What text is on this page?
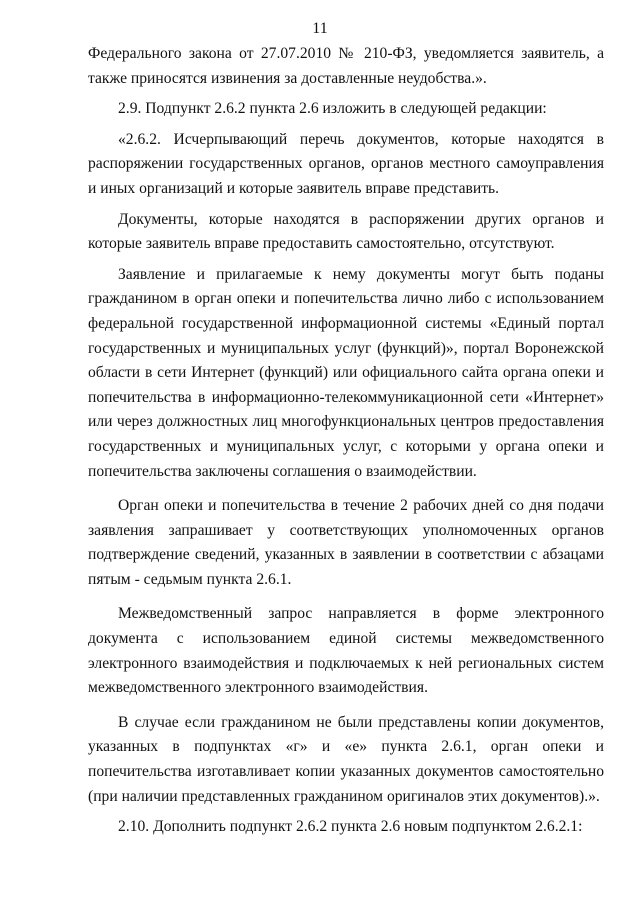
11

Федерального закона от 27.07.2010 № 210-ФЗ, уведомляется заявитель, а также приносятся извинения за доставленные неудобства.».

2.9. Подпункт 2.6.2 пункта 2.6 изложить в следующей редакции:

«2.6.2. Исчерпывающий перечь документов, которые находятся в распоряжении государственных органов, органов местного самоуправления и иных организаций и которые заявитель вправе представить.

Документы, которые находятся в распоряжении других органов и которые заявитель вправе предоставить самостоятельно, отсутствуют.

Заявление и прилагаемые к нему документы могут быть поданы гражданином в орган опеки и попечительства лично либо с использованием федеральной государственной информационной системы «Единый портал государственных и муниципальных услуг (функций)», портал Воронежской области в сети Интернет (функций) или официального сайта органа опеки и попечительства в информационно-телекоммуникационной сети «Интернет» или через должностных лиц многофункциональных центров предоставления государственных и муниципальных услуг, с которыми у органа опеки и попечительства заключены соглашения о взаимодействии.

Орган опеки и попечительства в течение 2 рабочих дней со дня подачи заявления запрашивает у соответствующих уполномоченных органов подтверждение сведений, указанных в заявлении в соответствии с абзацами пятым - седьмым пункта 2.6.1.

Межведомственный запрос направляется в форме электронного документа с использованием единой системы межведомственного электронного взаимодействия и подключаемых к ней региональных систем межведомственного электронного взаимодействия.

В случае если гражданином не были представлены копии документов, указанных в подпунктах «г» и «е» пункта 2.6.1, орган опеки и попечительства изготавливает копии указанных документов самостоятельно (при наличии представленных гражданином оригиналов этих документов).».

2.10. Дополнить подпункт 2.6.2 пункта 2.6 новым подпунктом 2.6.2.1:
